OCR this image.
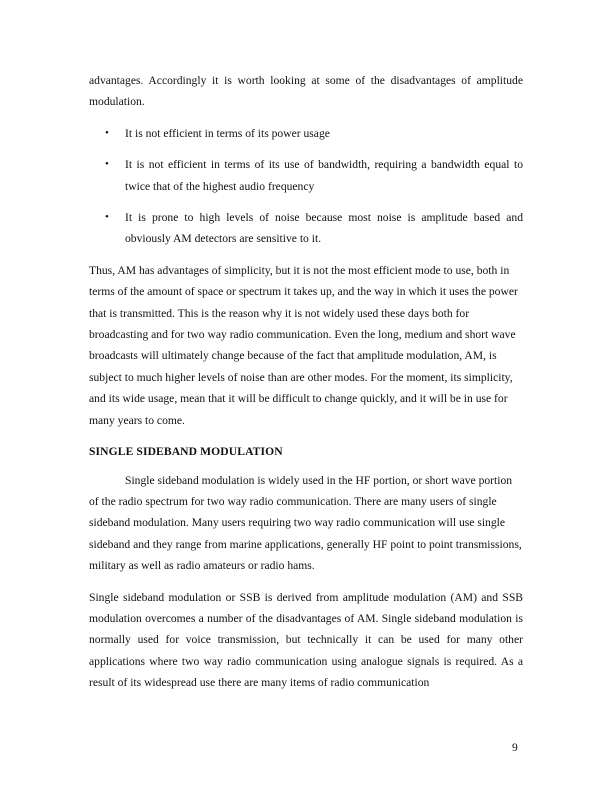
advantages. Accordingly it is worth looking at some of the disadvantages of amplitude modulation.

• It is not efficient in terms of its power usage
• It is not efficient in terms of its use of bandwidth, requiring a bandwidth equal to twice that of the highest audio frequency
• It is prone to high levels of noise because most noise is amplitude based and obviously AM detectors are sensitive to it.

Thus, AM has advantages of simplicity, but it is not the most efficient mode to use, both in terms of the amount of space or spectrum it takes up, and the way in which it uses the power that is transmitted. This is the reason why it is not widely used these days both for broadcasting and for two way radio communication. Even the long, medium and short wave broadcasts will ultimately change because of the fact that amplitude modulation, AM, is subject to much higher levels of noise than are other modes. For the moment, its simplicity, and its wide usage, mean that it will be difficult to change quickly, and it will be in use for many years to come.

SINGLE SIDEBAND MODULATION

Single sideband modulation is widely used in the HF portion, or short wave portion of the radio spectrum for two way radio communication. There are many users of single sideband modulation. Many users requiring two way radio communication will use single sideband and they range from marine applications, generally HF point to point transmissions, military as well as radio amateurs or radio hams.

Single sideband modulation or SSB is derived from amplitude modulation (AM) and SSB modulation overcomes a number of the disadvantages of AM. Single sideband modulation is normally used for voice transmission, but technically it can be used for many other applications where two way radio communication using analogue signals is required. As a result of its widespread use there are many items of radio communication

9
